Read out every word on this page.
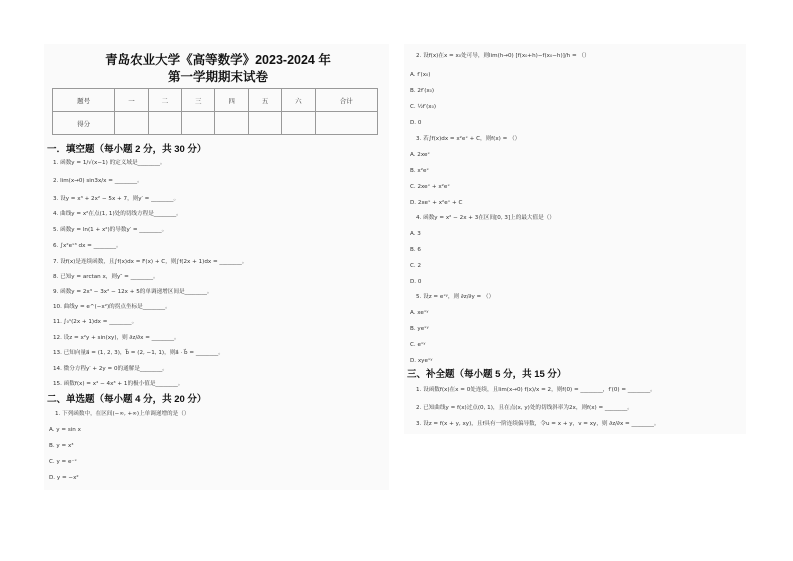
青岛农业大学《高等数学》2023-2024 年
第一学期期末试卷
题号	一	二	三	四	五	六	合计
得分							
一．填空题（每小题 2 分，共 30 分）
1. 函数y = 1/√(x−1) 的定义域是________。
2. lim(x→0) sin3x/x = ________。
3. 设y = x³ + 2x² − 5x + 7，则y′ = ________。
4. 曲线y = x²在点(1, 1)处的切线方程是________。
5. 函数y = ln(1 + x²)的导数y′ = ________。
6. ∫x²eˣ³ dx = ________。
7. 设f(x)是连续函数，且∫f(x)dx = F(x) + C，则∫f(2x + 1)dx = ________。
8. 已知y = arctan x，则y″ = ________。
9. 函数y = 2x³ − 3x² − 12x + 5的单调递增区间是________。
10. 曲线y = e^(−x²)的拐点坐标是________。
11. ∫₀¹(2x + 1)dx = ________。
12. 设z = x²y + sin(xy)，则 ∂z/∂x = ________。
13. 已知向量a⃗ = (1, 2, 3)，b⃗ = (2, −1, 1)，则a⃗ · b⃗ = ________。
14. 微分方程y′ + 2y = 0的通解是________。
15. 函数f(x) = x⁴ − 4x³ + 1的极小值是________。
二、单选题（每小题 4 分，共 20 分）
1. 下列函数中，在区间(−∞, +∞)上单调递增的是（）
A. y = sin x
B. y = x³
C. y = e⁻ˣ
D. y = −x²
2. 设f(x)在x = x₀处可导，则lim(h→0) [f(x₀+h)−f(x₀−h)]/h = （）
A. f′(x₀)
B. 2f′(x₀)
C. ½f′(x₀)
D. 0
3. 若∫f(x)dx = x²eˣ + C，则f(x) = （）
A. 2xeˣ
B. x²eˣ
C. 2xeˣ + x²eˣ
D. 2xeˣ + x²eˣ + C
4. 函数y = x² − 2x + 3在区间[0, 3]上的最大值是（）
A. 3
B. 6
C. 2
D. 0
5. 设z = eˣʸ，则 ∂z/∂y = （）
A. xeˣʸ
B. yeˣʸ
C. eˣʸ
D. xyeˣʸ
三、补全题（每小题 5 分，共 15 分）
1. 设函数f(x)在x = 0处连续，且lim(x→0) f(x)/x = 2，则f(0) = ________，f′(0) = ________。
2. 已知曲线y = f(x)过点(0, 1)，且在点(x, y)处的切线斜率为2x，则f(x) = ________。
3. 设z = f(x + y, xy)，且f具有一阶连续偏导数，令u = x + y，v = xy，则 ∂z/∂x = ________。
